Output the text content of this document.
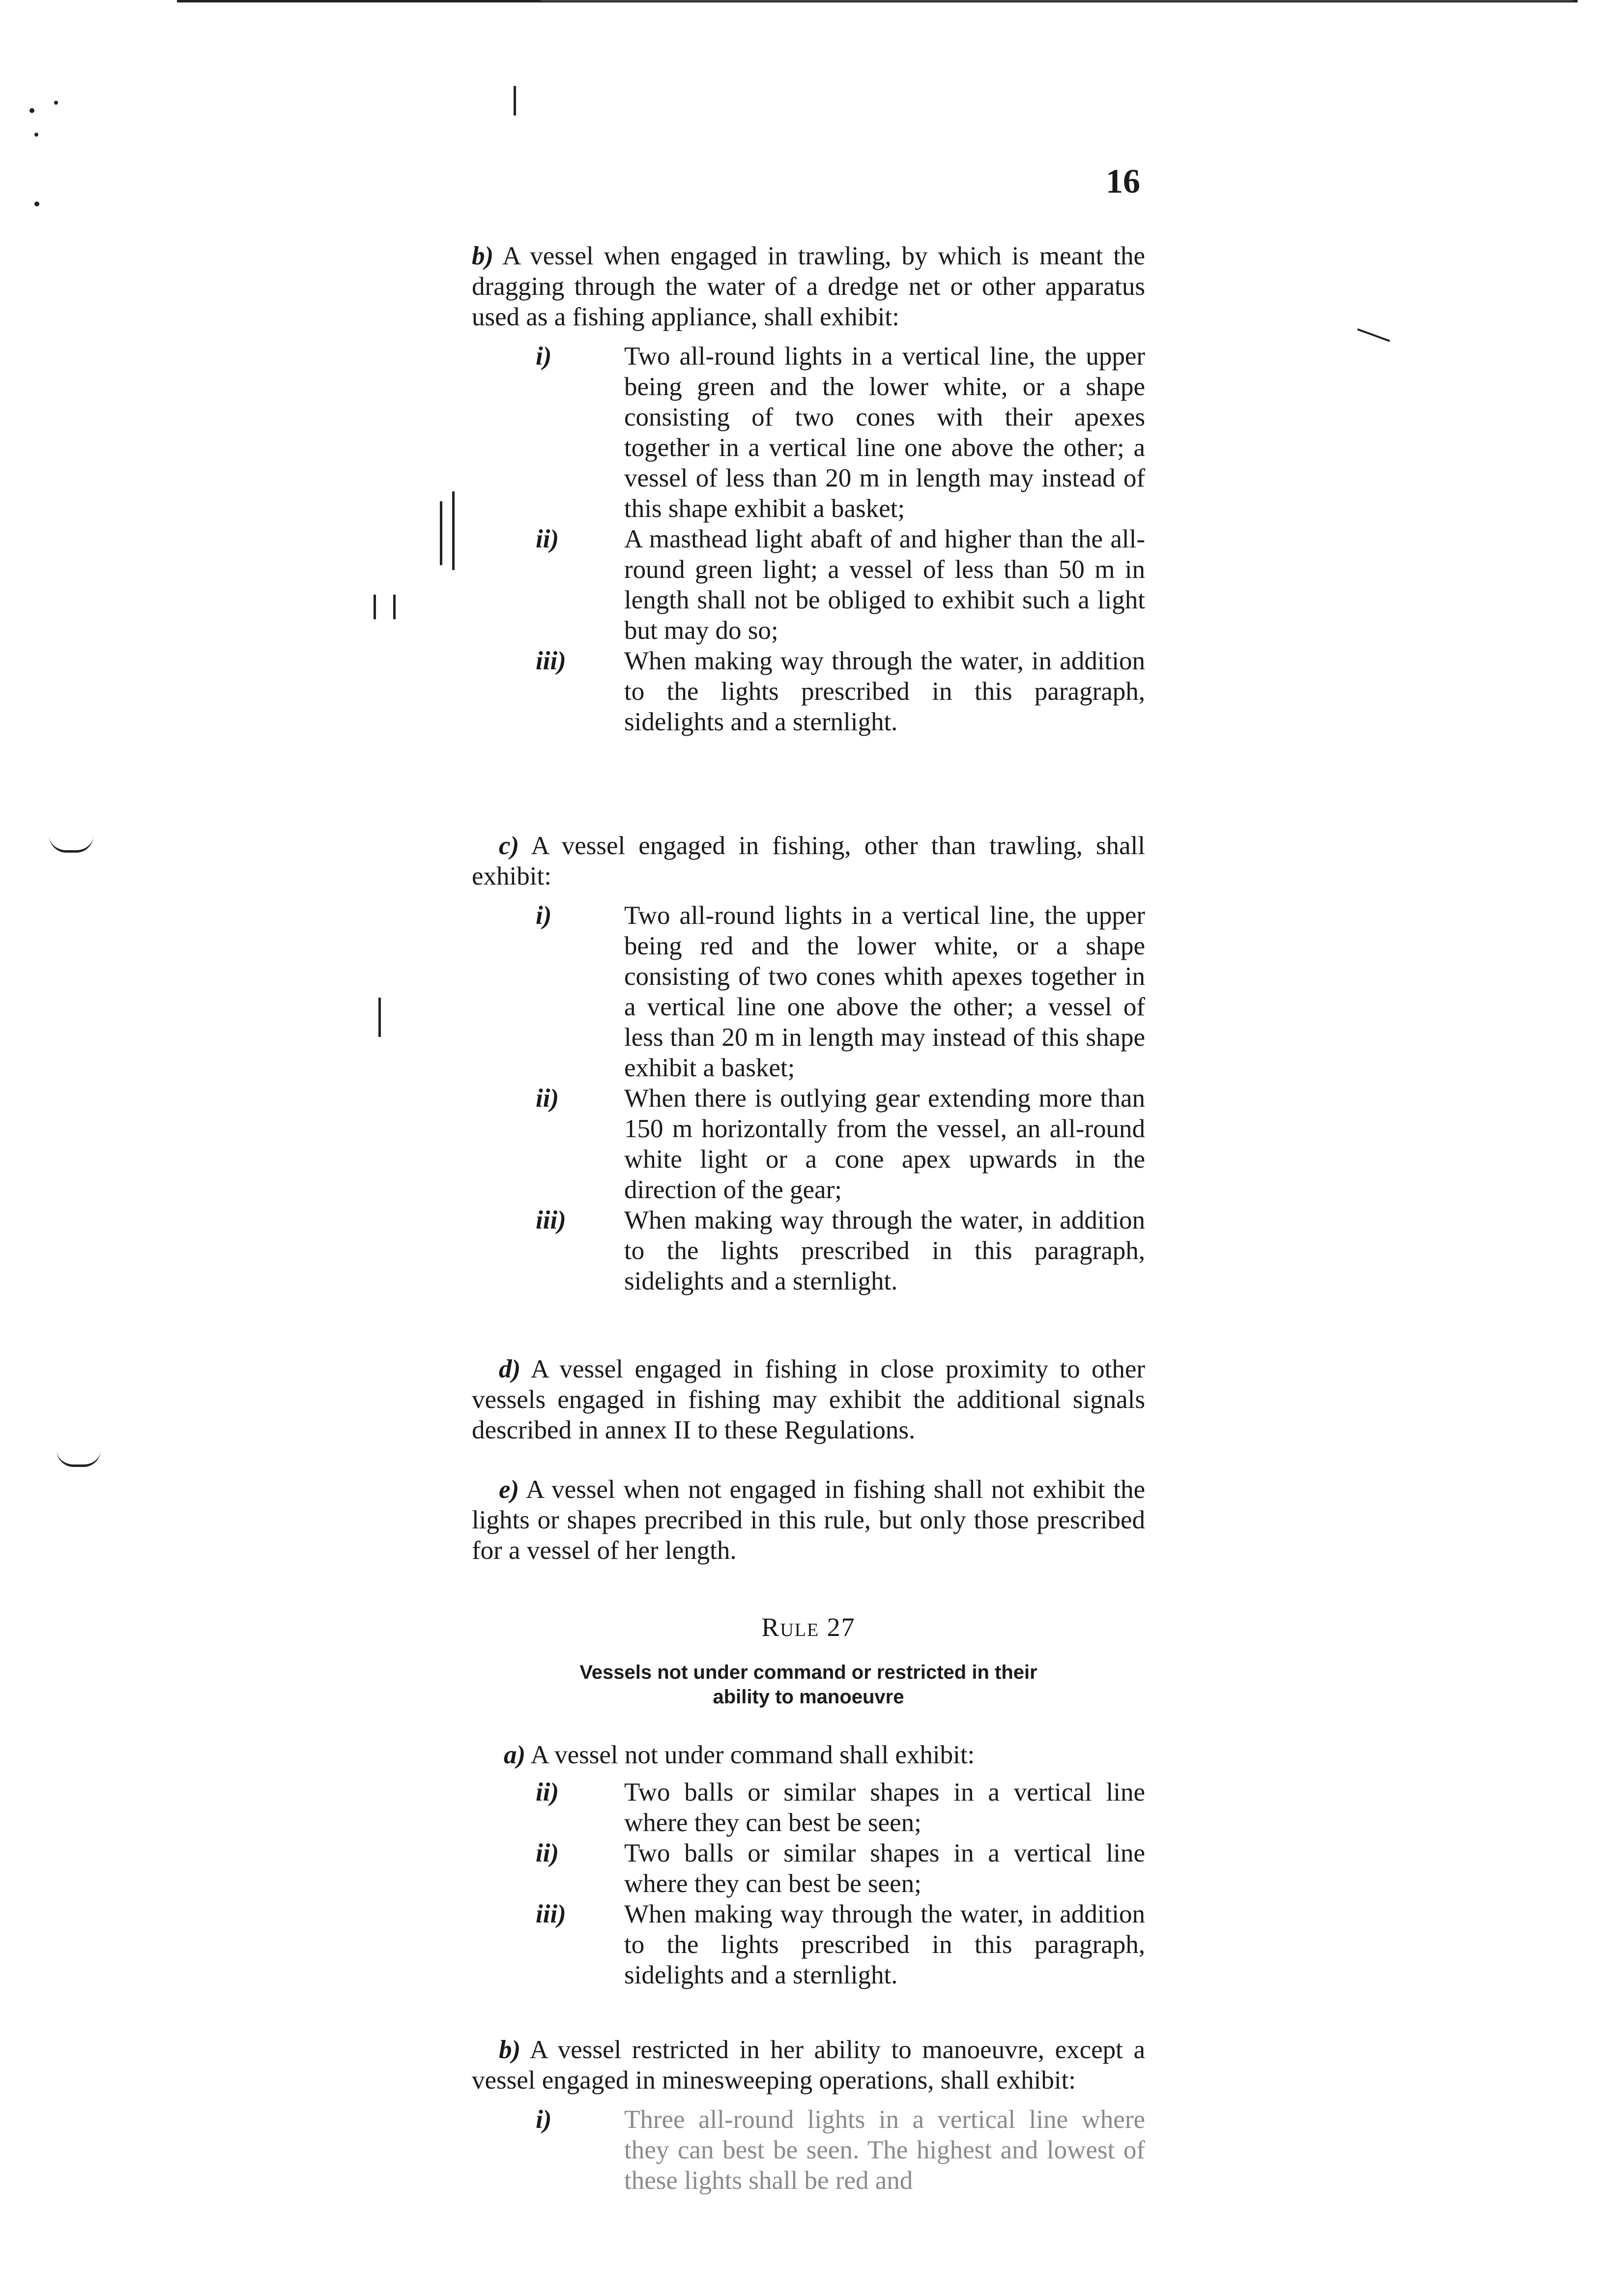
16

b) A vessel when engaged in trawling, by which is meant the dragging through the water of a dredge net or other apparatus used as a fishing appliance, shall exhibit:

i)	Two all-round lights in a vertical line, the upper being green and the lower white, or a shape consisting of two cones with their apexes together in a vertical line one above the other; a vessel of less than 20 m in length may instead of this shape exhibit a basket;
ii)	A masthead light abaft of and higher than the all-round green light; a vessel of less than 50 m in length shall not be obliged to exhibit such a light but may do so;
iii)	When making way through the water, in addition to the lights prescribed in this paragraph, sidelights and a sternlight.

c) A vessel engaged in fishing, other than trawling, shall exhibit:

i)	Two all-round lights in a vertical line, the upper being red and the lower white, or a shape consisting of two cones whith apexes together in a vertical line one above the other; a vessel of less than 20 m in length may instead of this shape exhibit a basket;
ii)	When there is outlying gear extending more than 150 m horizontally from the vessel, an all-round white light or a cone apex upwards in the direction of the gear;
iii)	When making way through the water, in addition to the lights prescribed in this paragraph, sidelights and a sternlight.

d) A vessel engaged in fishing in close proximity to other vessels engaged in fishing may exhibit the additional signals described in annex II to these Regulations.

e) A vessel when not engaged in fishing shall not exhibit the lights or shapes precribed in this rule, but only those prescribed for a vessel of her length.

Rule 27
Vessels not under command or restricted in their ability to manoeuvre

a) A vessel not under command shall exhibit:

ii)	Two balls or similar shapes in a vertical line where they can best be seen;
ii)	Two balls or similar shapes in a vertical line where they can best be seen;
iii)	When making way through the water, in addition to the lights prescribed in this paragraph, sidelights and a sternlight.

b) A vessel restricted in her ability to manoeuvre, except a vessel engaged in minesweeping operations, shall exhibit:

i)	Three all-round lights in a vertical line where they can best be seen. The highest and lowest of these lights shall be red and
